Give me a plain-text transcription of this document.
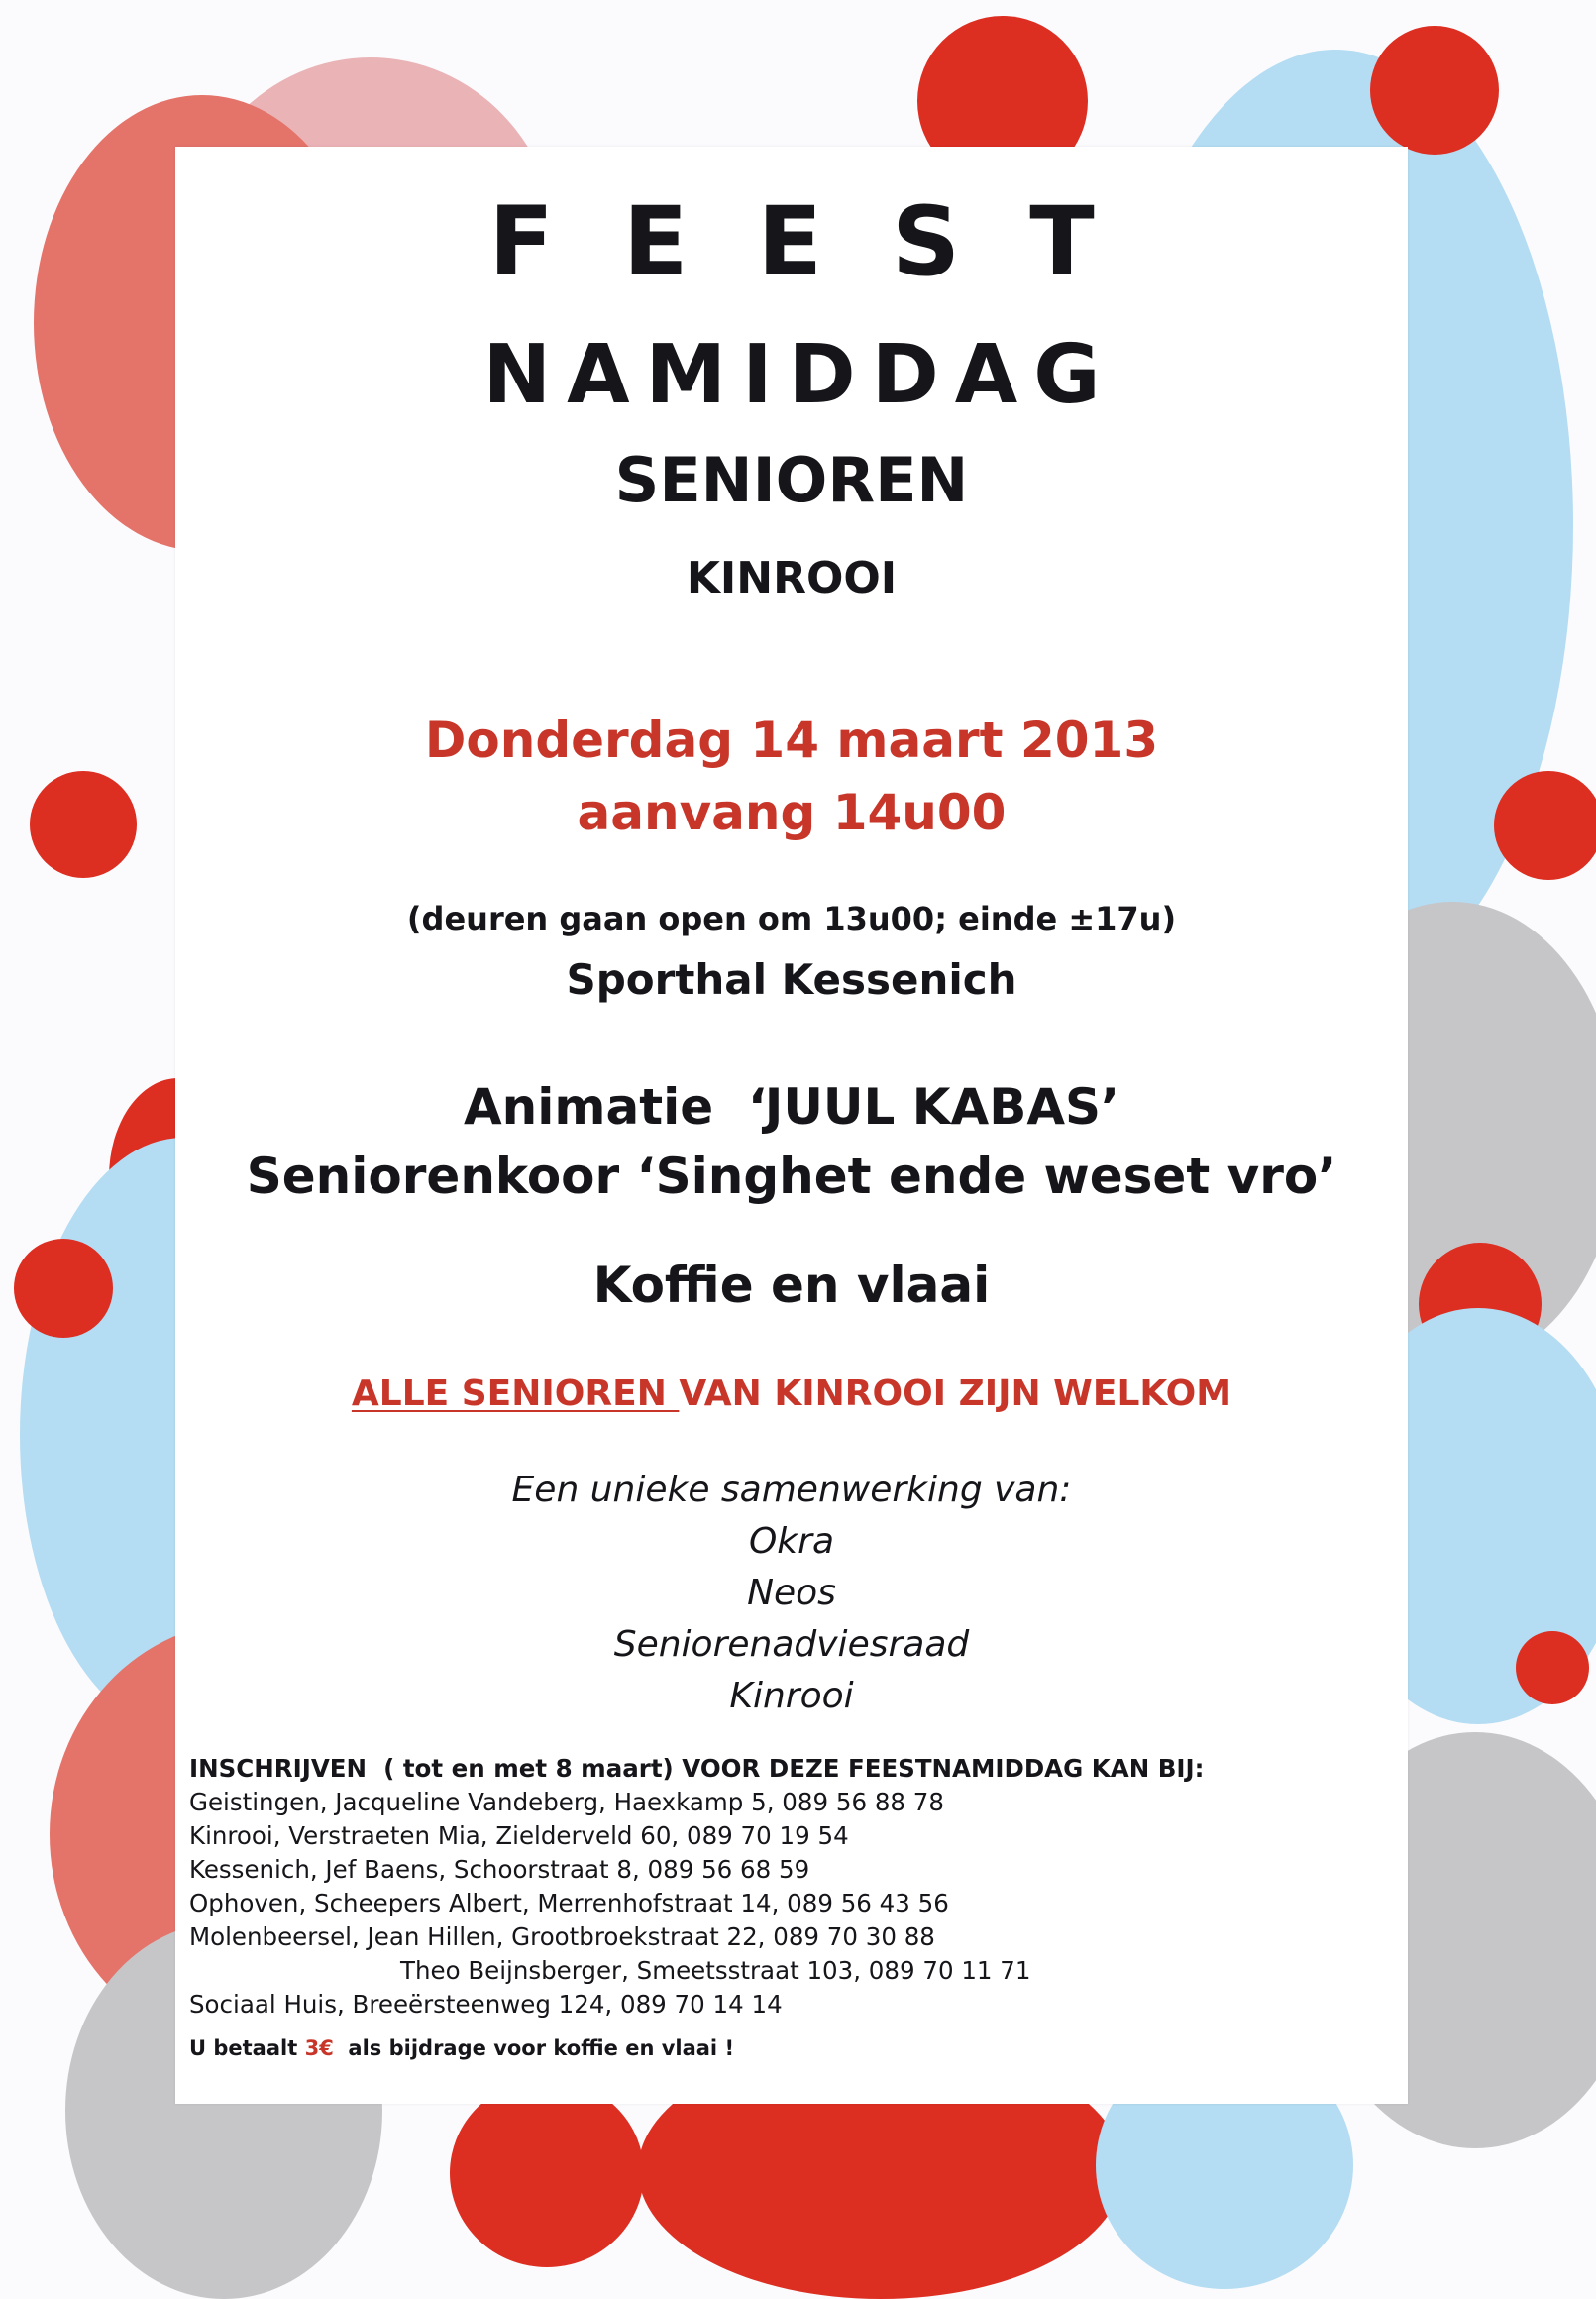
FEEST
NAMIDDAG
SENIOREN
KINROOI
Donderdag 14 maart 2013
aanvang 14u00
(deuren gaan open om 13u00; einde ±17u)
Sporthal Kessenich
Animatie  ‘JUUL KABAS’
Seniorenkoor ‘Singhet ende weset vro’
Koffie en vlaai
ALLE SENIOREN VAN KINROOI ZIJN WELKOM
Een unieke samenwerking van:
Okra
Neos
Seniorenadviesraad
Kinrooi
INSCHRIJVEN  ( tot en met 8 maart) VOOR DEZE FEESTNAMIDDAG KAN BIJ:
Geistingen, Jacqueline Vandeberg, Haexkamp 5, 089 56 88 78
Kinrooi, Verstraeten Mia, Zielderveld 60, 089 70 19 54
Kessenich, Jef Baens, Schoorstraat 8, 089 56 68 59
Ophoven, Scheepers Albert, Merrenhofstraat 14, 089 56 43 56
Molenbeersel, Jean Hillen, Grootbroekstraat 22, 089 70 30 88
Theo Beijnsberger, Smeetsstraat 103, 089 70 11 71
Sociaal Huis, Breeërsteenweg 124, 089 70 14 14
U betaalt 3€  als bijdrage voor koffie en vlaai !
